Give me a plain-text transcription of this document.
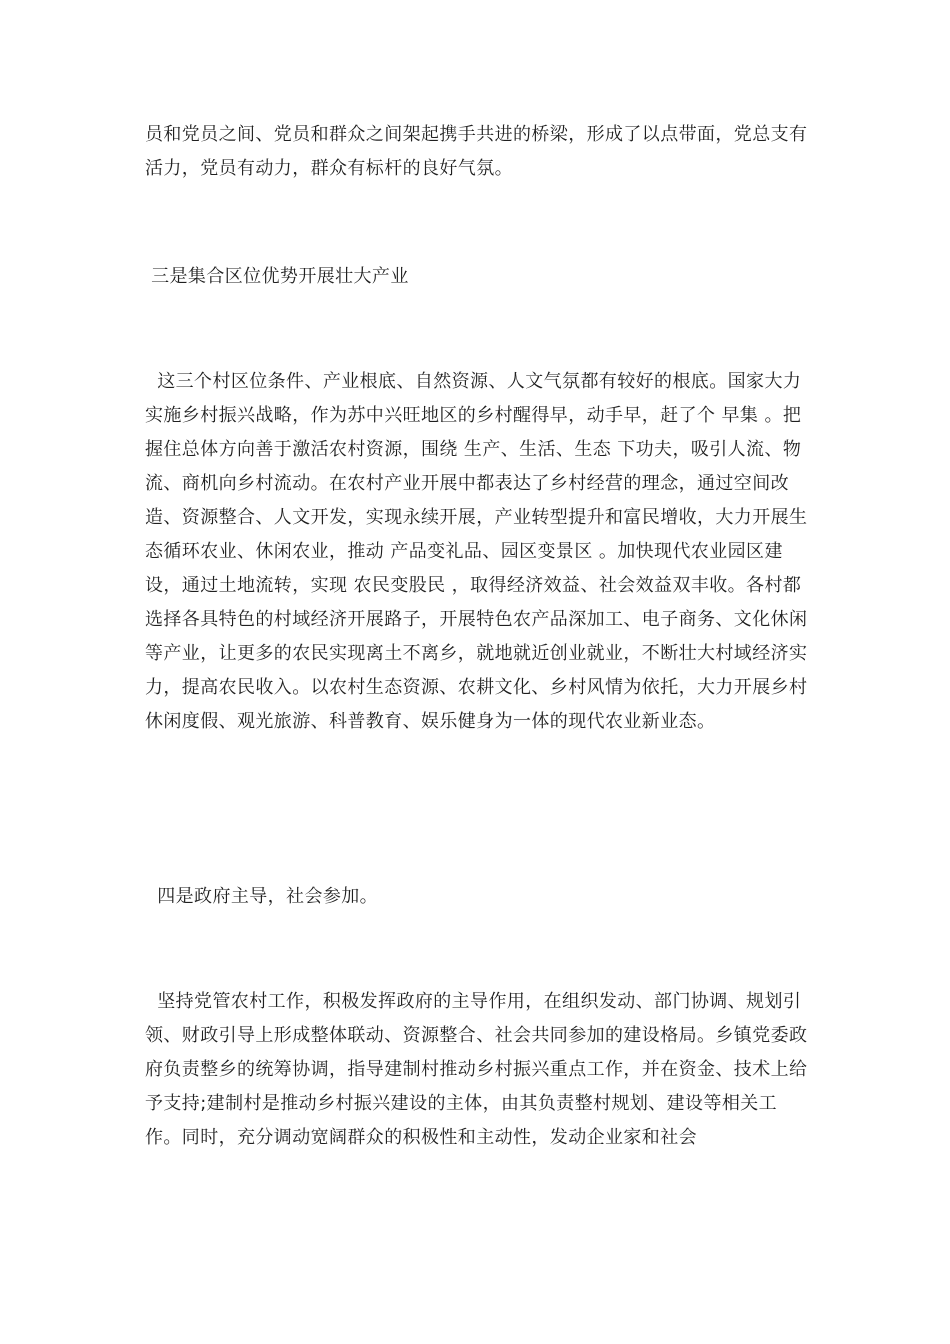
员和党员之间、党员和群众之间架起携手共进的桥梁，形成了以点带面，党总支有活力，党员有动力，群众有标杆的良好气氛。

三是集合区位优势开展壮大产业

这三个村区位条件、产业根底、自然资源、人文气氛都有较好的根底。国家大力实施乡村振兴战略，作为苏中兴旺地区的乡村醒得早，动手早，赶了个 早集 。把握住总体方向善于激活农村资源，围绕 生产、生活、生态 下功夫，吸引人流、物流、商机向乡村流动。在农村产业开展中都表达了乡村经营的理念，通过空间改造、资源整合、人文开发，实现永续开展，产业转型提升和富民增收，大力开展生态循环农业、休闲农业，推动 产品变礼品、园区变景区 。加快现代农业园区建设，通过土地流转，实现 农民变股民 ，取得经济效益、社会效益双丰收。各村都选择各具特色的村域经济开展路子，开展特色农产品深加工、电子商务、文化休闲等产业，让更多的农民实现离土不离乡，就地就近创业就业，不断壮大村域经济实力，提高农民收入。以农村生态资源、农耕文化、乡村风情为依托，大力开展乡村休闲度假、观光旅游、科普教育、娱乐健身为一体的现代农业新业态。

四是政府主导，社会参加。

坚持党管农村工作，积极发挥政府的主导作用，在组织发动、部门协调、规划引领、财政引导上形成整体联动、资源整合、社会共同参加的建设格局。乡镇党委政府负责整乡的统筹协调，指导建制村推动乡村振兴重点工作，并在资金、技术上给予支持;建制村是推动乡村振兴建设的主体，由其负责整村规划、建设等相关工作。同时，充分调动宽阔群众的积极性和主动性，发动企业家和社会
